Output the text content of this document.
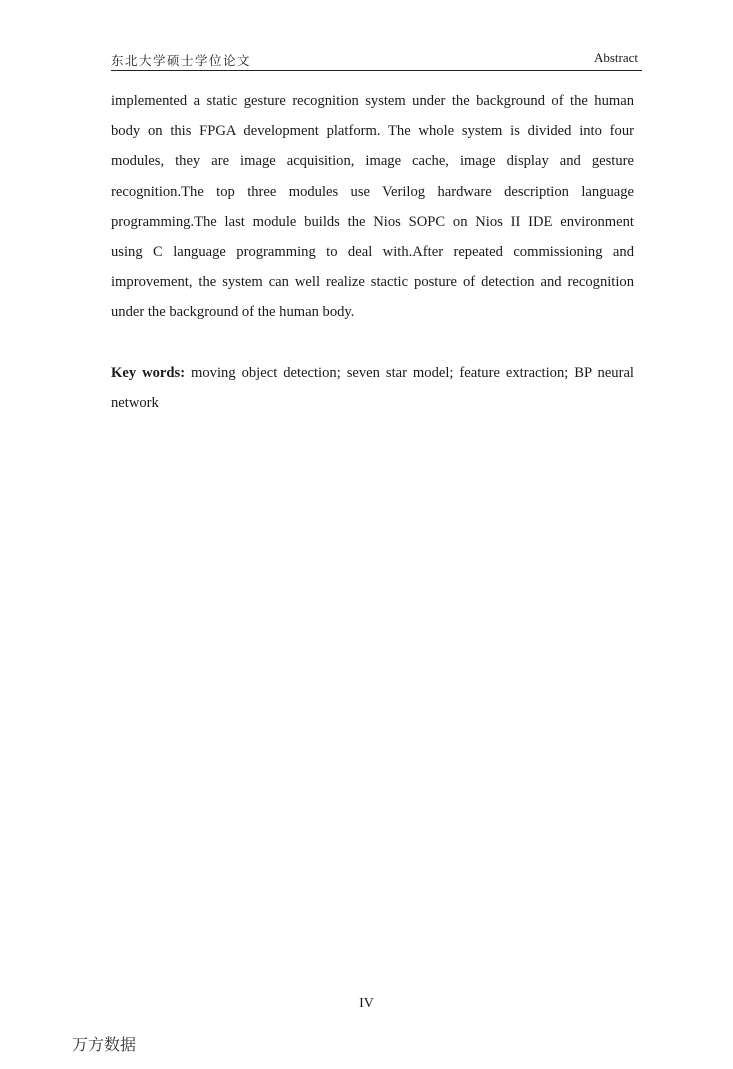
东北大学硕士学位论文	Abstract
implemented a static gesture recognition system under the background of the human
body on this FPGA development platform. The whole system is divided into four
modules, they are image acquisition, image cache, image display and gesture
recognition.The top three modules use Verilog hardware description language
programming.The last module builds the Nios SOPC on Nios II IDE environment
using C language programming to deal with.After repeated commissioning and
improvement, the system can well realize stactic posture of detection and recognition
under the background of the human body.
Key words: moving object detection; seven star model; feature extraction; BP neural
network
IV
万方数据
